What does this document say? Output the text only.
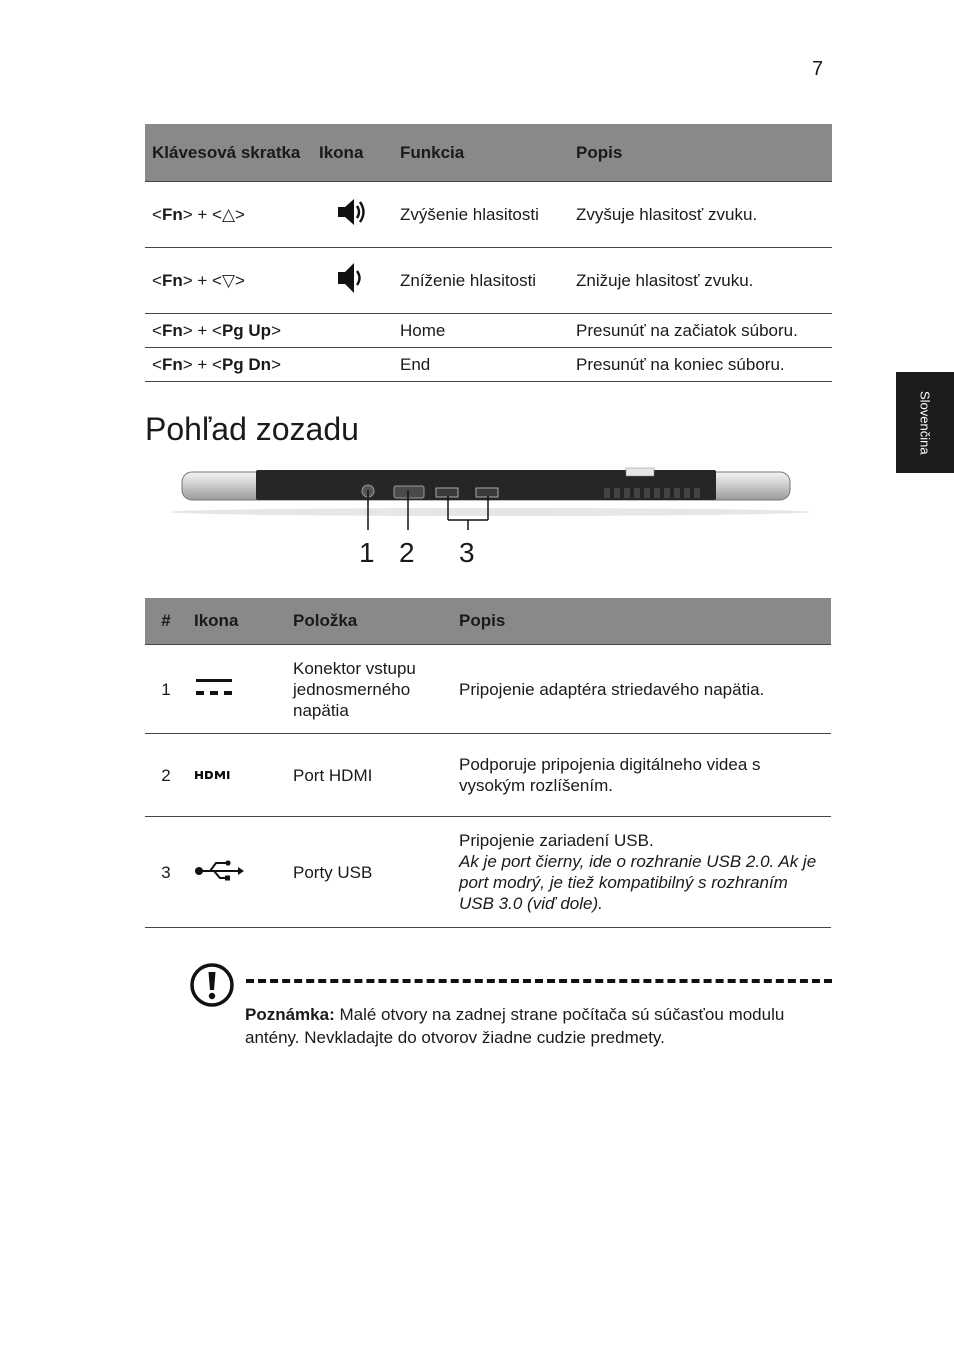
7
Slovenčina
Klávesová skratka	Ikona	Funkcia	Popis
<Fn> + <△>		Zvýšenie hlasitosti	Zvyšuje hlasitosť zvuku.
<Fn> + <▽>		Zníženie hlasitosti	Znižuje hlasitosť zvuku.
<Fn> + <Pg Up>		Home	Presunúť na začiatok súboru.
<Fn> + <Pg Dn>		End	Presunúť na koniec súboru.
Pohľad zozadu
1 2 3
#	Ikona	Položka	Popis
1		Konektor vstupu jednosmerného napätia	Pripojenie adaptéra striedavého napätia.
2		Port HDMI	Podporuje pripojenia digitálneho videa s vysokým rozlíšením.
3		Porty USB	Pripojenie zariadení USB.
Ak je port čierny, ide o rozhranie USB 2.0. Ak je port modrý, je tiež kompatibilný s rozhraním USB 3.0 (viď dole).
Poznámka: Malé otvory na zadnej strane počítača sú súčasťou modulu antény. Nevkladajte do otvorov žiadne cudzie predmety.
